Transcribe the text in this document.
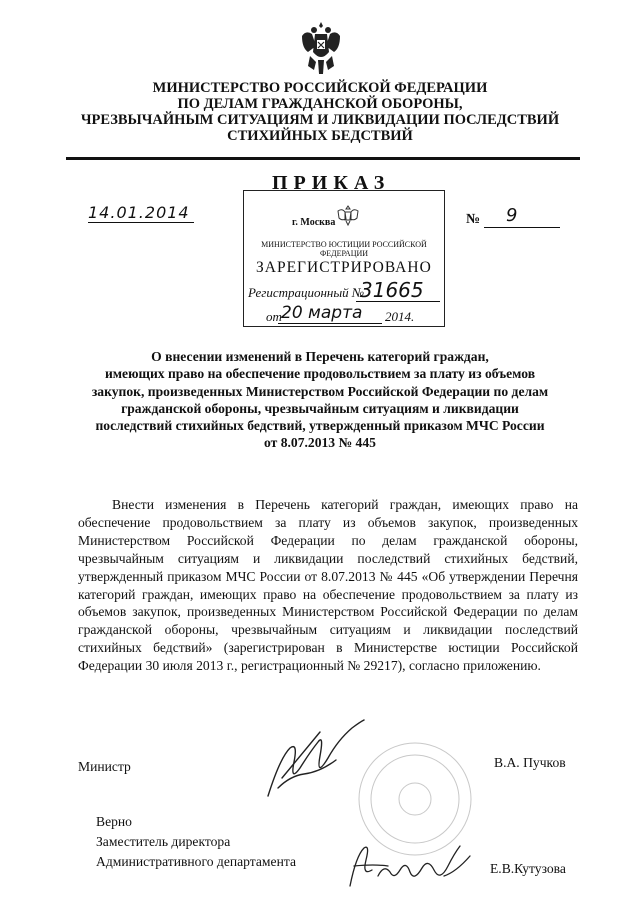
МИНИСТЕРСТВО РОССИЙСКОЙ ФЕДЕРАЦИИ
ПО ДЕЛАМ ГРАЖДАНСКОЙ ОБОРОНЫ,
ЧРЕЗВЫЧАЙНЫМ СИТУАЦИЯМ И ЛИКВИДАЦИИ ПОСЛЕДСТВИЙ
СТИХИЙНЫХ БЕДСТВИЙ
ПРИКАЗ
14.01.2014	№ 9
г. Москва
МИНИСТЕРСТВО ЮСТИЦИИ РОССИЙСКОЙ ФЕДЕРАЦИИ
ЗАРЕГИСТРИРОВАНО
Регистрационный №
31665
от 20 марта 2014.
О внесении изменений в Перечень категорий граждан,
имеющих право на обеспечение продовольствием за плату из объемов
закупок, произведенных Министерством Российской Федерации по делам
гражданской обороны, чрезвычайным ситуациям и ликвидации
последствий стихийных бедствий, утвержденный приказом МЧС России
от 8.07.2013 № 445

Внести изменения в Перечень категорий граждан, имеющих право на обеспечение продовольствием за плату из объемов закупок, произведенных Министерством Российской Федерации по делам гражданской обороны, чрезвычайным ситуациям и ликвидации последствий стихийных бедствий, утвержденный приказом МЧС России от 8.07.2013 № 445 «Об утверждении Перечня категорий граждан, имеющих право на обеспечение продовольствием за плату из объемов закупок, произведенных Министерством Российской Федерации по делам гражданской обороны, чрезвычайным ситуациям и ликвидации последствий стихийных бедствий» (зарегистрирован в Министерстве юстиции Российской Федерации 30 июля 2013 г., регистрационный № 29217), согласно приложению.

Министр	В.А. Пучков
Верно
Заместитель директора
Административного департамента	Е.В.Кутузова
